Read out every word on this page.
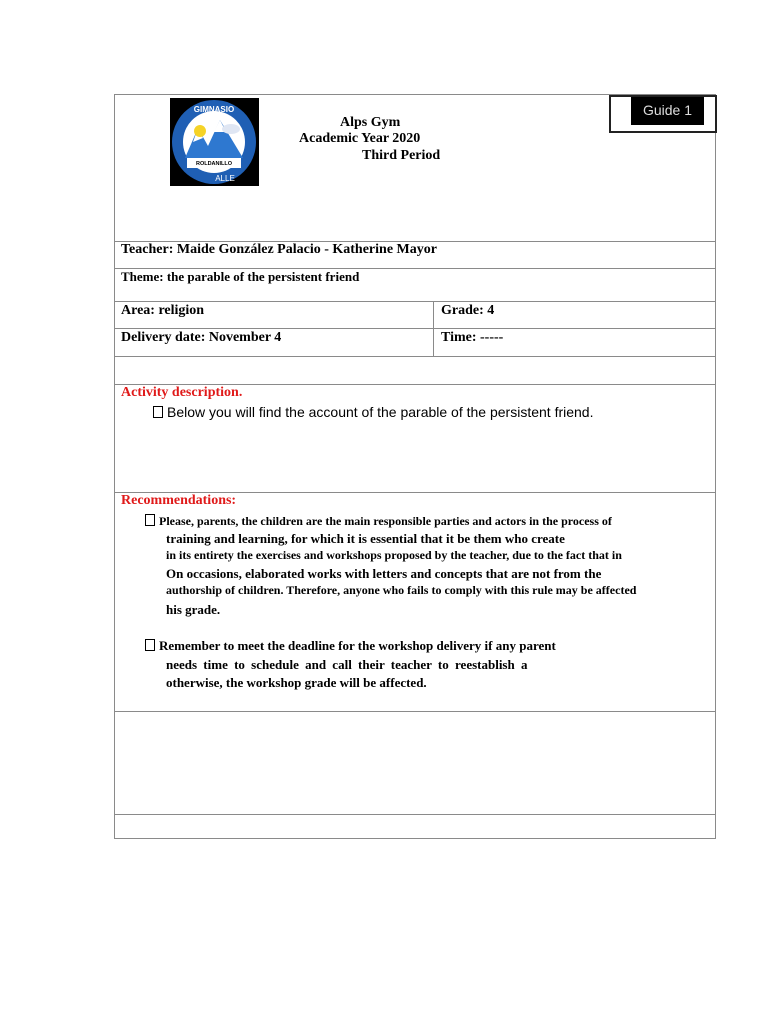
GIMNASIO
ROLDANILLO
ALLE
Alps Gym
Academic Year 2020
Third Period
Guide 1
Teacher: Maide González Palacio - Katherine Mayor
Theme: the parable of the persistent friend
Area: religion	Grade: 4
Delivery date: November 4	Time: -----
Activity description.
Below you will find the account of the parable of the persistent friend.
Recommendations:
Please, parents, the children are the main responsible parties and actors in the process of
training and learning, for which it is essential that it be them who create
in its entirety the exercises and workshops proposed by the teacher, due to the fact that in
On occasions, elaborated works with letters and concepts that are not from the
authorship of children. Therefore, anyone who fails to comply with this rule may be affected
his grade.
Remember to meet the deadline for the workshop delivery if any parent
needs time to schedule and call their teacher to reestablish a
otherwise, the workshop grade will be affected.
